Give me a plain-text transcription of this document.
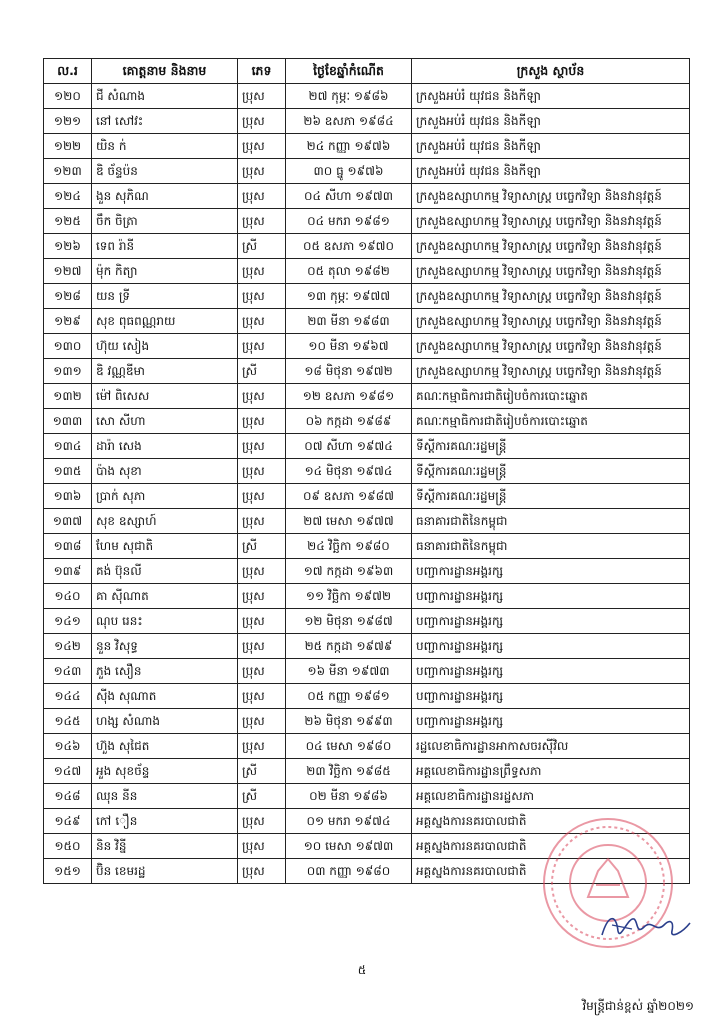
ល.រ	គោត្តនាម និងនាម	ភេទ	ថ្ងៃខែឆ្នាំកំណើត	ក្រសួង ស្ថាប័ន
១២០	ជី សំណាង	ប្រុស	២៧ កុម្ភៈ ១៩៨៦	ក្រសួងអប់រំ យុវជន និងកីឡា
១២១	នៅ សៅវះ	ប្រុស	២៦ ឧសភា ១៩៨៤	ក្រសួងអប់រំ យុវជន និងកីឡា
១២២	យិន ក់	ប្រុស	២៤ កញ្ញា ១៩៧៦	ក្រសួងអប់រំ យុវជន និងកីឡា
១២៣	ឌិ ច័ន្ទប៉ន	ប្រុស	៣០ ធ្នូ ១៩៧៦	ក្រសួងអប់រំ យុវជន និងកីឡា
១២៤	ងួន សុភិណ	ប្រុស	០៤ សីហា ១៩៧៣	ក្រសួងឧស្សាហកម្ម វិទ្យាសាស្ត្រ បច្ចេកវិទ្យា និងនវានុវត្តន៍
១២៥	ចឹក ចិត្រា	ប្រុស	០៤ មករា ១៩៨១	ក្រសួងឧស្សាហកម្ម វិទ្យាសាស្ត្រ បច្ចេកវិទ្យា និងនវានុវត្តន៍
១២៦	ទេព រ៉ានី	ស្រី	០៥ ឧសភា ១៩៧០	ក្រសួងឧស្សាហកម្ម វិទ្យាសាស្ត្រ បច្ចេកវិទ្យា និងនវានុវត្តន៍
១២៧	ម៉ុក កិត្យា	ប្រុស	០៥ តុលា ១៩៨២	ក្រសួងឧស្សាហកម្ម វិទ្យាសាស្ត្រ បច្ចេកវិទ្យា និងនវានុវត្តន៍
១២៨	យន ទ្រី	ប្រុស	១៣ កុម្ភៈ ១៩៧៧	ក្រសួងឧស្សាហកម្ម វិទ្យាសាស្ត្រ បច្ចេកវិទ្យា និងនវានុវត្តន៍
១២៩	សុខ ពុធពណ្ណរាយ	ប្រុស	២៣ មីនា ១៩៨៣	ក្រសួងឧស្សាហកម្ម វិទ្យាសាស្ត្រ បច្ចេកវិទ្យា និងនវានុវត្តន៍
១៣០	ហ៊ុយ សៀង	ប្រុស	១០ មីនា ១៩៦៧	ក្រសួងឧស្សាហកម្ម វិទ្យាសាស្ត្រ បច្ចេកវិទ្យា និងនវានុវត្តន៍
១៣១	ឌិ វណ្ណឌីមា	ស្រី	១៨ មិថុនា ១៩៧២	ក្រសួងឧស្សាហកម្ម វិទ្យាសាស្ត្រ បច្ចេកវិទ្យា និងនវានុវត្តន៍
១៣២	ម៉ៅ ពិសេស	ប្រុស	១២ ឧសភា ១៩៨១	គណៈកម្មាធិការជាតិរៀបចំការបោះឆ្នោត
១៣៣	សោ សីហា	ប្រុស	០៦ កក្កដា ១៩៨៩	គណៈកម្មាធិការជាតិរៀបចំការបោះឆ្នោត
១៣៤	ដារ៉ា សេង	ប្រុស	០៧ សីហា ១៩៧៤	ទីស្តីការគណៈរដ្ឋមន្ត្រី
១៣៥	ប៉ាង សុខា	ប្រុស	១៤ មិថុនា ១៩៧៤	ទីស្តីការគណៈរដ្ឋមន្ត្រី
១៣៦	ប្រាក់ សុភា	ប្រុស	០៩ ឧសភា ១៩៨៧	ទីស្តីការគណៈរដ្ឋមន្ត្រី
១៣៧	សុខ ឧស្សាហ៍	ប្រុស	២៧ មេសា ១៩៧៧	ធនាគារជាតិនៃកម្ពុជា
១៣៨	ហែម សុជាតិ	ស្រី	២៤ វិច្ឆិកា ១៩៨០	ធនាគារជាតិនៃកម្ពុជា
១៣៩	គង់ ប៊ុនលី	ប្រុស	១៧ កក្កដា ១៩៦៣	បញ្ជាការដ្ឋានអង្គរក្ស
១៤០	គា ស៊ីណាត	ប្រុស	១១ វិច្ឆិកា ១៩៧២	បញ្ជាការដ្ឋានអង្គរក្ស
១៤១	ណុប រេនះ	ប្រុស	១២ មិថុនា ១៩៨៧	បញ្ជាការដ្ឋានអង្គរក្ស
១៤២	នួន វិសុទ្ធ	ប្រុស	២៥ កក្កដា ១៩៧៩	បញ្ជាការដ្ឋានអង្គរក្ស
១៤៣	ភួង សឿន	ប្រុស	១៦ មីនា ១៩៧៣	បញ្ជាការដ្ឋានអង្គរក្ស
១៤៤	ស៊ីង សុណាត	ប្រុស	០៥ កញ្ញា ១៩៨១	បញ្ជាការដ្ឋានអង្គរក្ស
១៤៥	ហង្ស សំណាង	ប្រុស	២៦ មិថុនា ១៩៩៣	បញ្ជាការដ្ឋានអង្គរក្ស
១៤៦	ហ៊ួង សុជៃត	ប្រុស	០៤ មេសា ១៩៨០	រដ្ឋលេខាធិការដ្ឋានអាកាសចរស៊ីវិល
១៤៧	អួង សុខច័ន្ទ	ស្រី	២៣ វិច្ឆិកា ១៩៨៥	អគ្គលេខាធិការដ្ឋានព្រឹទ្ធសភា
១៤៨	ឈុន នីន	ស្រី	០២ មីនា ១៩៨៦	អគ្គលេខាធិការដ្ឋានរដ្ឋសភា
១៤៩	កៅ ឿន	ប្រុស	០១ មករា ១៩៧៤	អគ្គស្នងការនគរបាលជាតិ
១៥០	និន វិន្នី	ប្រុស	១០ មេសា ១៩៧៣	អគ្គស្នងការនគរបាលជាតិ
១៥១	ប៊ិន ខេមរដ្ឋ	ប្រុស	០៣ កញ្ញា ១៩៨០	អគ្គស្នងការនគរបាលជាតិ
៥
វិមន្ត្រីជាន់ខ្ពស់ ឆ្នាំ២០២១
